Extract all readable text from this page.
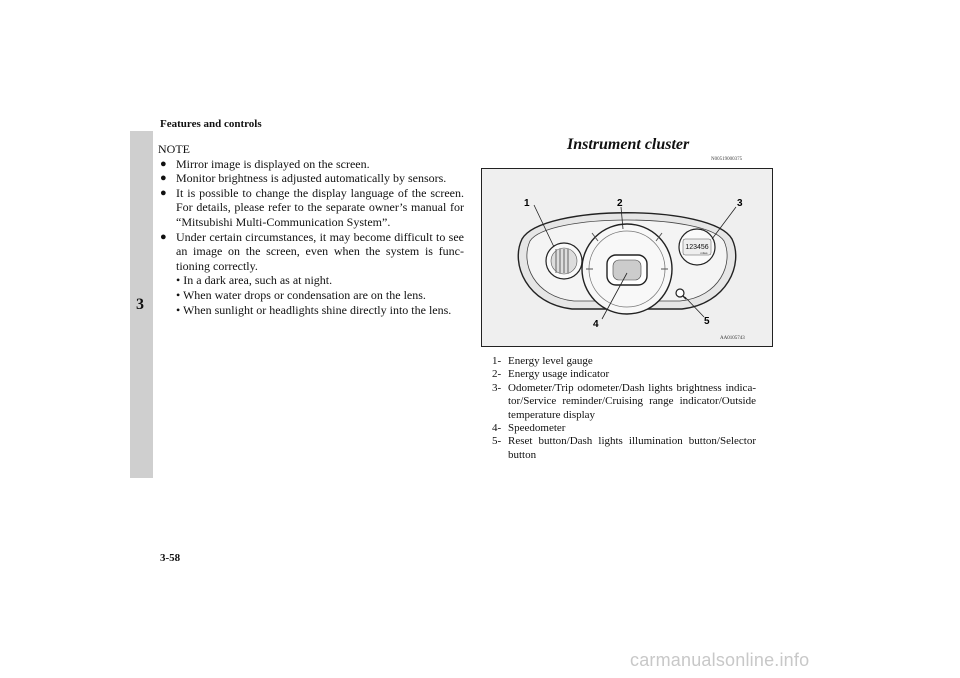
Features and controls
3
NOTE
● Mirror image is displayed on the screen.
● Monitor brightness is adjusted automatically by sensors.
● It is possible to change the display language of the screen. For details, please refer to the separate owner’s manual for “Mitsubishi Multi-Communication System”.
● Under certain circumstances, it may become difficult to see an image on the screen, even when the system is func-tioning correctly.
• In a dark area, such as at night.
• When water drops or condensation are on the lens.
• When sunlight or headlights shine directly into the lens.
Instrument cluster
N00519000375
123456
miles
1	2	3
4	5
AA0105743
1- Energy level gauge
2- Energy usage indicator
3- Odometer/Trip odometer/Dash lights brightness indica-tor/Service reminder/Cruising range indicator/Outside temperature display
4- Speedometer
5- Reset button/Dash lights illumination button/Selector button
3-58
carmanualsonline.info
